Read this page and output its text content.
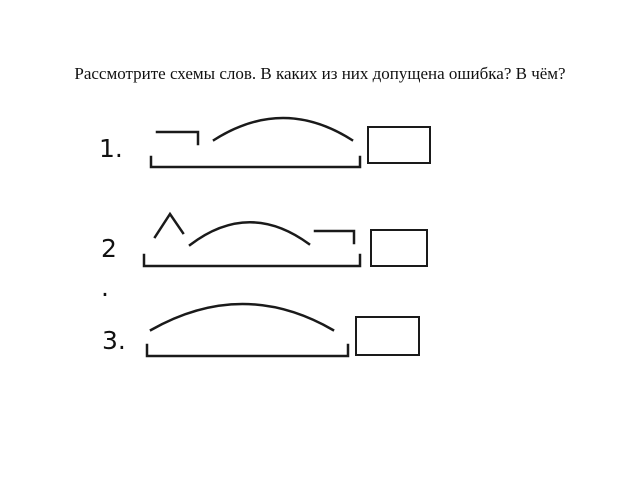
Рассмотрите схемы слов. В каких из них допущена ошибка? В чём?
1.
2
.
3.
